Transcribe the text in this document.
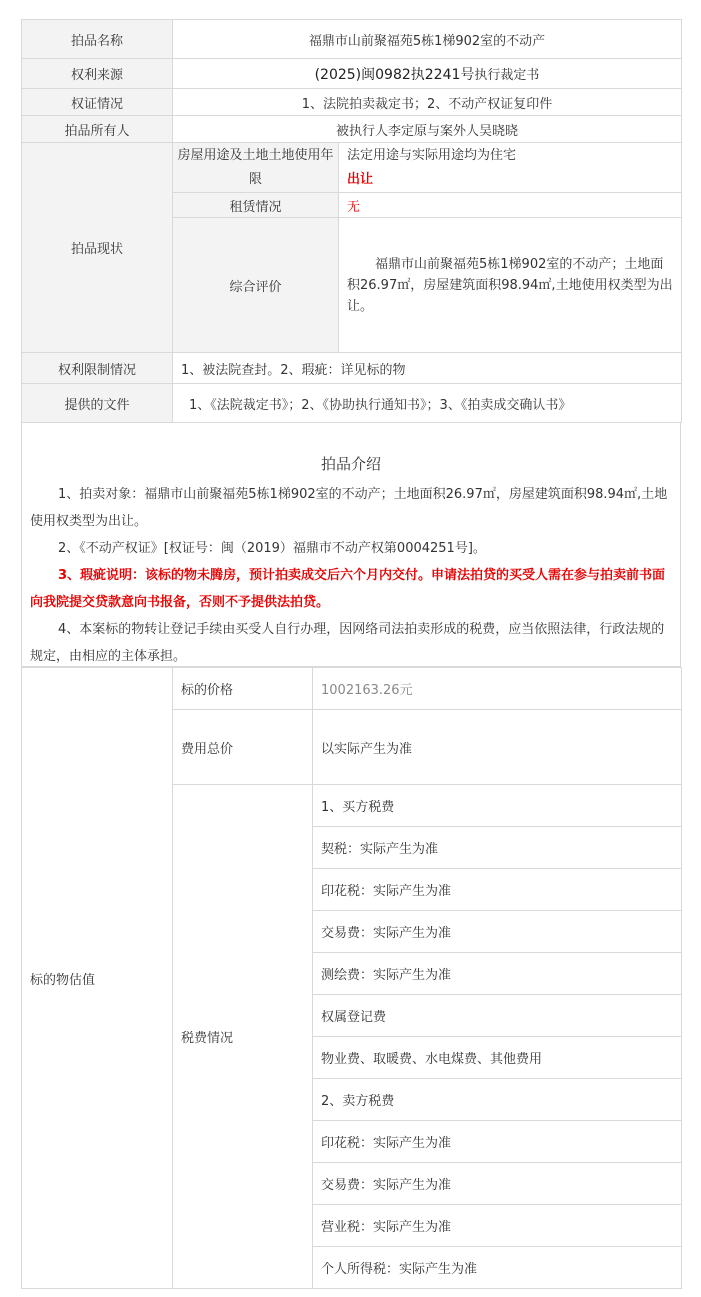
拍品名称	福鼎市山前聚福苑5栋1梯902室的不动产	
权利来源	(2025)闽0982执2241号执行裁定书	
权证情况	1、法院拍卖裁定书；2、不动产权证复印件	
拍品所有人	被执行人李定原与案外人吴晓晓	
拍品现状	房屋用途及土地土地使用年限	法定用途与实际用途均为住宅
出让

	租赁情况	无
	综合评价	福鼎市山前聚福苑5栋1梯902室的不动产；土地面积26.97㎡，房屋建筑面积98.94㎡,土地使用权类型为出让。
权利限制情况	1、被法院查封。2、瑕疵：详见标的物	
提供的文件	1、《法院裁定书》；2、《协助执行通知书》；3、《拍卖成交确认书》	
拍品介绍

1、拍卖对象：福鼎市山前聚福苑5栋1梯902室的不动产；土地面积26.97㎡，房屋建筑面积98.94㎡,土地使用权类型为出让。

2、《不动产权证》[权证号：闽（2019）福鼎市不动产权第0004251号]。

3、瑕疵说明：该标的物未腾房，预计拍卖成交后六个月内交付。申请法拍贷的买受人需在参与拍卖前书面向我院提交贷款意向书报备，否则不予提供法拍贷。

4、本案标的物转让登记手续由买受人自行办理，因网络司法拍卖形成的税费，应当依照法律，行政法规的规定，由相应的主体承担。

标的物估值	标的价格	1002163.26元
	费用总价	以实际产生为准
	税费情况	1、买方税费
		契税：实际产生为准
		印花税：实际产生为准
		交易费：实际产生为准
		测绘费：实际产生为准
		权属登记费
		物业费、取暖费、水电煤费、其他费用
		2、卖方税费
		印花税：实际产生为准
		交易费：实际产生为准
		营业税：实际产生为准
		个人所得税：实际产生为准
